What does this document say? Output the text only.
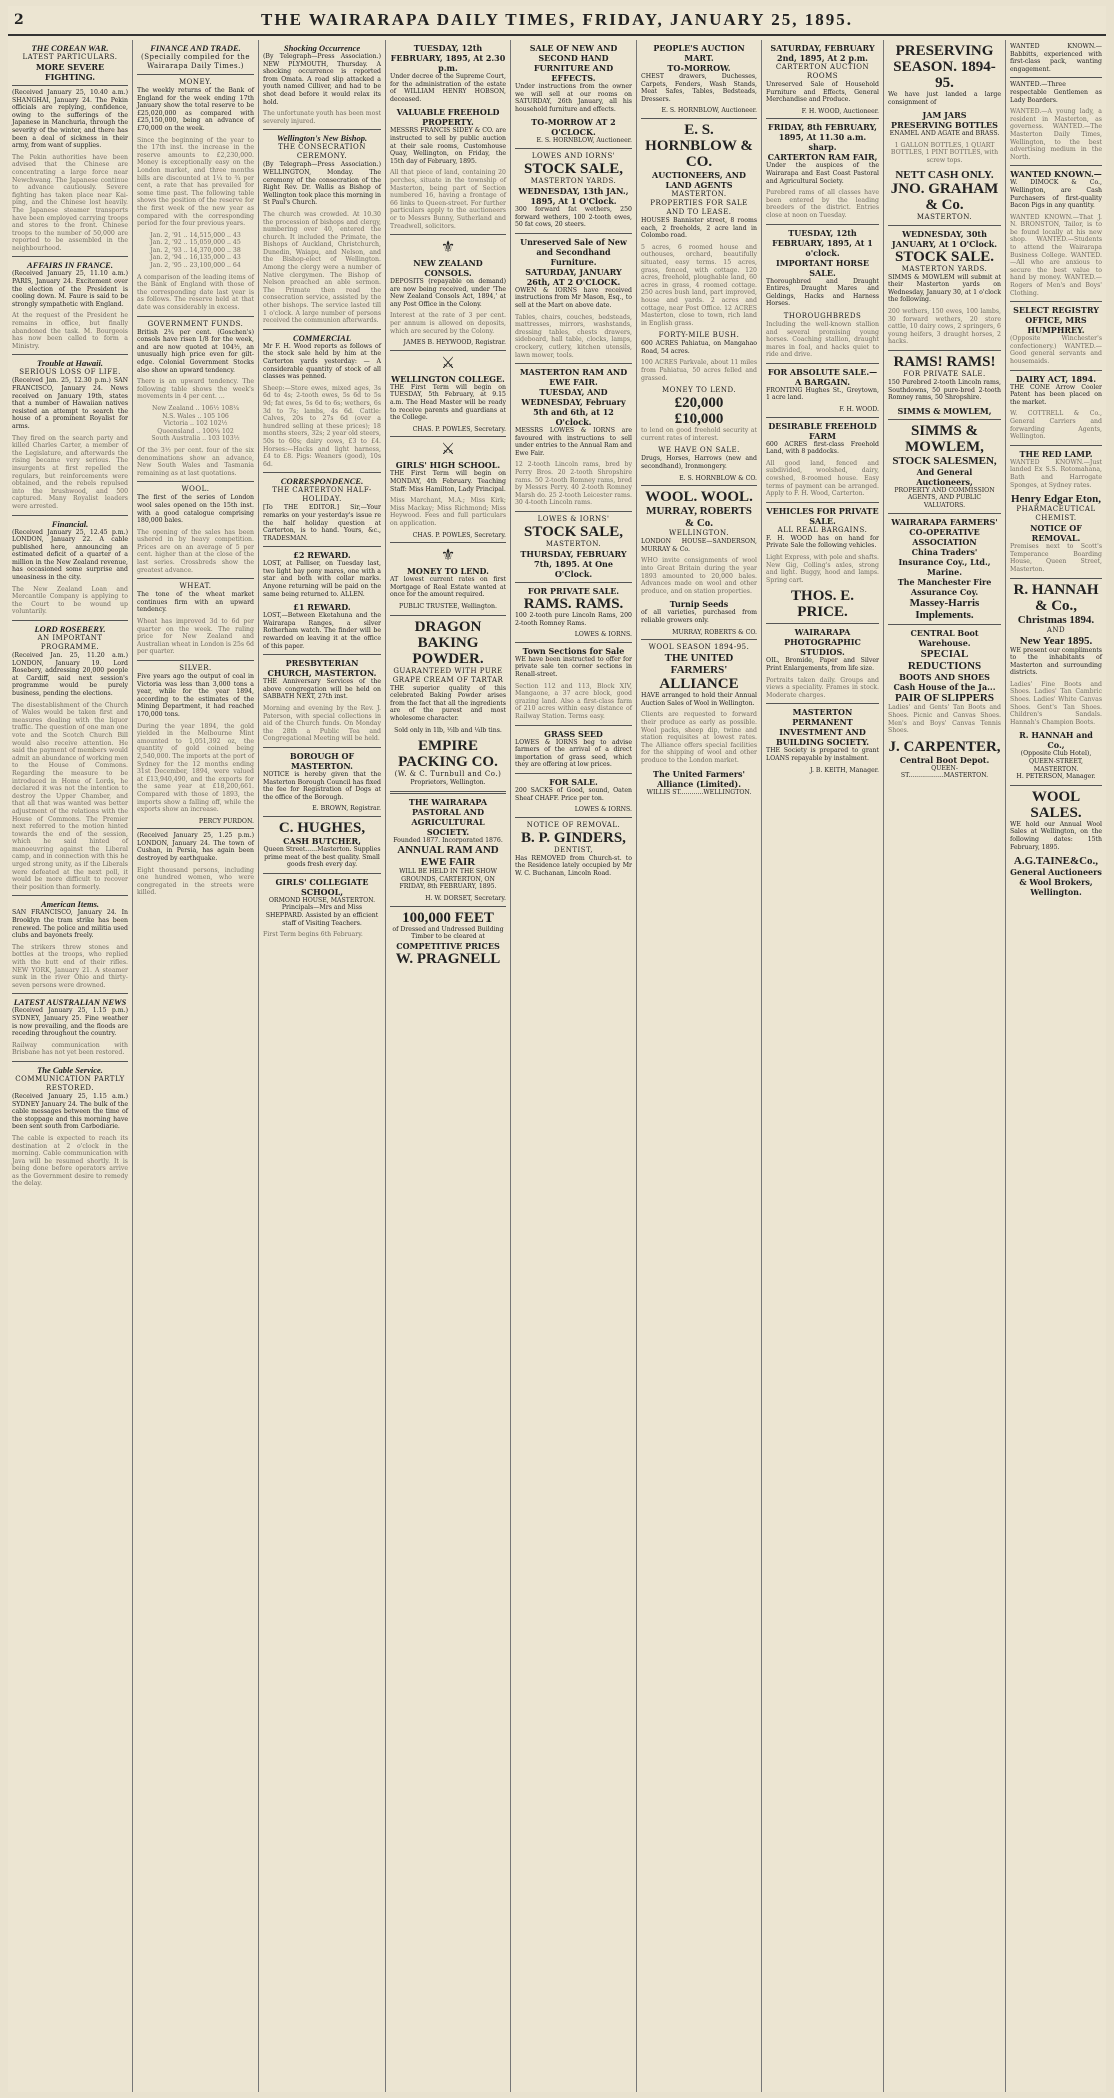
2	THE WAIRARAPA DAILY TIMES, FRIDAY, JANUARY 25, 1895.
THE COREAN WAR.
LATEST PARTICULARS.
MORE SEVERE FIGHTING.
(Received January 25, 10.40 a.m.) SHANGHAI, January 24. The Pekin officials are replying, confidence, owing to the sufferings of the Japanese in Manchuria, through the severity of the winter, and there has been a deal of sickness in their army, from want of supplies.
The Pekin authorities have been advised that the Chinese are concentrating a large force near Newchwang. The Japanese continue to advance cautiously. Severe fighting has taken place near Kai-ping, and the Chinese lost heavily. The Japanese steamer transports have been employed carrying troops and stores to the front. Chinese troops to the number of 50,000 are reported to be assembled in the neighbourhood.
AFFAIRS IN FRANCE.
(Received January 25, 11.10 a.m.) PARIS, January 24. Excitement over the election of the President is cooling down. M. Faure is said to be strongly sympathetic with England.
At the request of the President he remains in office, but finally abandoned the task. M. Bourgeois has now been called to form a Ministry.
Trouble at Hawaii.
SERIOUS LOSS OF LIFE.
(Received Jan. 25, 12.30 p.m.) SAN FRANCISCO, January 24. News received on January 19th, states that a number of Hawaiian natives resisted an attempt to search the house of a prominent Royalist for arms.
They fired on the search party and killed Charles Carter, a member of the Legislature, and afterwards the rising became very serious. The insurgents at first repelled the regulars, but reinforcements were obtained, and the rebels repulsed into the brushwood, and 500 captured. Many Royalist leaders were arrested.
Financial.
(Received January 25, 12.45 p.m.) LONDON, January 22. A cable published here, announcing an estimated deficit of a quarter of a million in the New Zealand revenue, has occasioned some surprise and uneasiness in the city.
The New Zealand Loan and Mercantile Company is applying to the Court to be wound up voluntarily.
LORD ROSEBERY.
AN IMPORTANT PROGRAMME.
(Received Jan. 25, 11.20 a.m.) LONDON, January 19. Lord Rosebery, addressing 20,000 people at Cardiff, said next session's programme would be purely business, pending the elections.
The disestablishment of the Church of Wales would be taken first and measures dealing with the liquor traffic. The question of one man one vote and the Scotch Church Bill would also receive attention. He said the payment of members would admit an abundance of working men to the House of Commons. Regarding the measure to be introduced in Home of Lords, he declared it was not the intention to destroy the Upper Chamber, and that all that was wanted was better adjustment of the relations with the House of Commons. The Premier next referred to the motion hinted towards the end of the session, which he said hinted of manoeuvring against the Liberal camp, and in connection with this he urged strong unity, as if the Liberals were defeated at the next poll, it would be more difficult to recover their position than formerly.
American Items.
SAN FRANCISCO, January 24. In Brooklyn the tram strike has been renewed. The police and militia used clubs and bayonets freely.
The strikers threw stones and bottles at the troops, who replied with the butt end of their rifles. NEW YORK, January 21. A steamer sunk in the river Ohio and thirty-seven persons were drowned.
LATEST AUSTRALIAN NEWS
(Received January 25, 1.15 p.m.) SYDNEY, January 25. Fine weather is now prevailing, and the floods are receding throughout the country.
Railway communication with Brisbane has not yet been restored.
The Cable Service.
COMMUNICATION PARTLY RESTORED.
(Received January 25, 1.15 a.m.) SYDNEY January 24. The bulk of the cable messages between the time of the stoppage and this morning have been sent south from Carbodiarie.
The cable is expected to reach its destination at 2 o'clock in the morning. Cable communication with Java will be resumed shortly. It is being done before operators arrive as the Government desire to remedy the delay.
FINANCE AND TRADE.
(Specially compiled for the Wairarapa Daily Times.)
MONEY.
The weekly returns of the Bank of England for the week ending 17th January show the total reserve to be £25,020,000 as compared with £25,150,000, being an advance of £70,000 on the week.
Since the beginning of the year to the 17th inst. the increase in the reserve amounts to £2,230,000. Money is exceptionally easy on the London market, and three months bills are discounted at 1¼ to ¾ per cent, a rate that has prevailed for some time past. The following table shows the position of the reserve for the first week of the new year as compared with the corresponding period for the four previous years.
Jan. 2, '91 .. 14,515,000 .. 43
Jan. 2, '92 .. 15,059,000 .. 45
Jan. 2, '93 .. 14,370,000 .. 38
Jan. 2, '94 .. 16,135,000 .. 43
Jan. 2, '95 .. 23,100,000 .. 64
A comparison of the leading items of the Bank of England with those of the corresponding date last year is as follows. The reserve held at that date was considerably in excess.
GOVERNMENT FUNDS.
British 2¾ per cent. (Goschen's) consols have risen 1/8 for the week, and are now quoted at 104½, an unusually high price even for gilt-edge. Colonial Government Stocks also show an upward tendency.
There is an upward tendency. The following table shows the week's movements in 4 per cent. ...
New Zealand .. 106½ 108¼
N.S. Wales .. 105 106
Victoria .. 102 102½
Queensland .. 100¼ 102
South Australia .. 103 103½
Of the 3½ per cent. four of the six denominations show an advance, New South Wales and Tasmania remaining as at last quotations.
WOOL.
The first of the series of London wool sales opened on the 15th inst. with a good catalogue comprising 180,000 bales.
The opening of the sales has been ushered in by heavy competition. Prices are on an average of 5 per cent. higher than at the close of the last series. Crossbreds show the greatest advance.
WHEAT.
The tone of the wheat market continues firm with an upward tendency.
Wheat has improved 3d to 6d per quarter on the week. The ruling price for New Zealand and Australian wheat in London is 25s 6d per quarter.
SILVER.
Five years ago the output of coal in Victoria was less than 3,000 tons a year, while for the year 1894, according to the estimates of the Mining Department, it had reached 170,000 tons.
During the year 1894, the gold yielded in the Melbourne Mint amounted to 1,051,392 oz, the quantity of gold coined being 2,540,000. The imports at the port of Sydney for the 12 months ending 31st December, 1894, were valued at £13,940,490, and the exports for the same year at £18,200,661. Compared with those of 1893, the imports show a falling off, while the exports show an increase.
PERCY PURDON.
(Received January 25, 1.25 p.m.) LONDON, January 24. The town of Cushan, in Persia, has again been destroyed by earthquake.
Eight thousand persons, including one hundred women, who were congregated in the streets were killed.
Shocking Occurrence
(By Telegraph—Press Association.) NEW PLYMOUTH, Thursday. A shocking occurrence is reported from Omata. A road slip attacked a youth named Cilliver, and had to be shot dead before it would relax its hold.
The unfortunate youth has been most severely injured.
Wellington's New Bishop.
THE CONSECRATION CEREMONY.
(By Telegraph—Press Association.) WELLINGTON, Monday. The ceremony of the consecration of the Right Rev. Dr. Wallis as Bishop of Wellington took place this morning in St Paul's Church.
The church was crowded. At 10.30 the procession of bishops and clergy, numbering over 40, entered the church. It included the Primate, the Bishops of Auckland, Christchurch, Dunedin, Waiapu, and Nelson, and the Bishop-elect of Wellington. Among the clergy were a number of Native clergymen. The Bishop of Nelson preached an able sermon. The Primate then read the consecration service, assisted by the other bishops. The service lasted till 1 o'clock. A large number of persons received the communion afterwards.
COMMERCIAL
Mr F. H. Wood reports as follows of the stock sale held by him at the Carterton yards yesterday: — A considerable quantity of stock of all classes was penned.
Sheep:—Store ewes, mixed ages, 3s 6d to 4s; 2-tooth ewes, 5s 6d to 5s 9d; fat ewes, 5s 6d to 6s; wethers, 6s 3d to 7s; lambs, 4s 6d. Cattle: Calves, 20s to 27s 6d (over a hundred selling at these prices); 18 months steers, 32s; 2 year old steers, 50s to 60s; dairy cows, £3 to £4. Horses:—Hacks and light harness, £4 to £8. Pigs: Weaners (good), 10s 6d.
CORRESPONDENCE.
THE CARTERTON HALF-HOLIDAY.
[To THE EDITOR.] Sir,—Your remarks on your yesterday's issue re the half holiday question at Carterton, is to hand. Yours, &c., TRADESMAN.
£2 REWARD.
LOST, at Palliser, on Tuesday last, two light bay pony mares, one with a star and both with collar marks. Anyone returning will be paid on the same being returned to. ALLEN.
£1 REWARD.
LOST,—Between Eketahuna and the Wairarapa Ranges, a silver Rotherham watch. The finder will be rewarded on leaving it at the office of this paper.
PRESBYTERIAN CHURCH, MASTERTON.
THE Anniversary Services of the above congregation will be held on SABBATH NEXT, 27th inst.
Morning and evening by the Rev. J. Paterson, with special collections in aid of the Church funds. On Monday the 28th a Public Tea and Congregational Meeting will be held.
BOROUGH OF MASTERTON.
NOTICE is hereby given that the Masterton Borough Council has fixed the fee for Registration of Dogs at the office of the Borough.
E. BROWN, Registrar.
C. HUGHES,
CASH BUTCHER,
Queen Street......Masterton. Supplies prime meat of the best quality. Small goods fresh every day.
GIRLS' COLLEGIATE SCHOOL,
ORMOND HOUSE, MASTERTON. Principals—Mrs and Miss SHEPPARD. Assisted by an efficient staff of Visiting Teachers.
First Term begins 6th February.
TUESDAY, 12th FEBRUARY, 1895, At 2.30 p.m.
Under decree of the Supreme Court, for the administration of the estate of WILLIAM HENRY HOBSON, deceased.
VALUABLE FREEHOLD PROPERTY.
MESSRS FRANCIS SIDEY & CO. are instructed to sell by public auction at their sale rooms, Customhouse Quay, Wellington, on Friday, the 15th day of February, 1895.
All that piece of land, containing 20 perches, situate in the township of Masterton, being part of Section numbered 16, having a frontage of 66 links to Queen-street. For further particulars apply to the auctioneers or to Messrs Bunny, Sutherland and Treadwell, solicitors.
⚜
NEW ZEALAND CONSOLS.
DEPOSITS (repayable on demand) are now being received, under 'The New Zealand Consols Act, 1894,' at any Post Office in the Colony.
Interest at the rate of 3 per cent. per annum is allowed on deposits, which are secured by the Colony.
JAMES B. HEYWOOD, Registrar.
⚔
WELLINGTON COLLEGE.
THE First Term will begin on TUESDAY, 5th February, at 9.15 a.m. The Head Master will be ready to receive parents and guardians at the College.
CHAS. P. POWLES, Secretary.
⚔
GIRLS' HIGH SCHOOL.
THE First Term will begin on MONDAY, 4th February. Teaching Staff: Miss Hamilton, Lady Principal.
Miss Marchant, M.A.; Miss Kirk; Miss Mackay; Miss Richmond; Miss Heywood. Fees and full particulars on application.
CHAS. P. POWLES, Secretary.
⚜
MONEY TO LEND.
AT lowest current rates on first Mortgage of Real Estate wanted at once for the amount required.
PUBLIC TRUSTEE, Wellington.
DRAGON BAKING POWDER.
GUARANTEED WITH PURE GRAPE CREAM OF TARTAR
THE superior quality of this celebrated Baking Powder arises from the fact that all the ingredients are of the purest and most wholesome character.
Sold only in 1lb, ½lb and ¼lb tins.
EMPIRE PACKING CO.
(W. & C. Turnbull and Co.)
Proprietors, Wellington.
THE WAIRARAPA PASTORAL AND AGRICULTURAL SOCIETY.
Founded 1877. Incorporated 1876.
ANNUAL RAM AND EWE FAIR
WILL BE HELD IN THE SHOW GROUNDS, CARTERTON, ON FRIDAY, 8th FEBRUARY, 1895.
H. W. DORSET, Secretary.
100,000 FEET
of Dressed and Undressed Building Timber to be cleared at
COMPETITIVE PRICES
W. PRAGNELL
SALE OF NEW AND SECOND HAND FURNITURE AND EFFECTS.
Under instructions from the owner we will sell at our rooms on SATURDAY, 26th January, all his household furniture and effects.
TO-MORROW AT 2 O'CLOCK.
E. S. HORNBLOW, Auctioneer.
LOWES AND IORNS'
STOCK SALE,
MASTERTON YARDS.
WEDNESDAY, 13th JAN., 1895, At 1 O'Clock.
300 forward fat wethers, 250 forward wethers, 100 2-tooth ewes, 50 fat cows, 20 steers.
Unreserved Sale of New and Secondhand Furniture.
SATURDAY, JANUARY 26th, AT 2 O'CLOCK.
OWEN & IORNS have received instructions from Mr Mason, Esq., to sell at the Mart on above date.
Tables, chairs, couches, bedsteads, mattresses, mirrors, washstands, dressing tables, chests drawers, sideboard, hall table, clocks, lamps, crockery, cutlery, kitchen utensils, lawn mower, tools.
MASTERTON RAM AND EWE FAIR.
TUESDAY, AND WEDNESDAY, February 5th and 6th, at 12 O'clock.
MESSRS LOWES & IORNS are favoured with instructions to sell under entries to the Annual Ram and Ewe Fair.
12 2-tooth Lincoln rams, bred by Perry Bros. 20 2-tooth Shropshire rams. 50 2-tooth Romney rams, bred by Messrs Perry. 40 2-tooth Romney Marsh do. 25 2-tooth Leicester rams. 30 4-tooth Lincoln rams.
LOWES & IORNS'
STOCK SALE,
MASTERTON.
THURSDAY, FEBRUARY 7th, 1895. At One O'Clock.
FOR PRIVATE SALE.
RAMS. RAMS.
100 2-tooth pure Lincoln Rams, 200 2-tooth Romney Rams.
LOWES & IORNS.
Town Sections for Sale
WE have been instructed to offer for private sale ten corner sections in Renall-street.
Section 112 and 113, Block XIV, Mangaone, a 37 acre block, good grazing land. Also a first-class farm of 210 acres within easy distance of Railway Station. Terms easy.
GRASS SEED
LOWES & IORNS beg to advise farmers of the arrival of a direct importation of grass seed, which they are offering at low prices.
FOR SALE.
200 SACKS of Good, sound, Oaten Sheaf CHAFF. Price per ton.
LOWES & IORNS.
NOTICE OF REMOVAL.
B. P. GINDERS,
DENTIST,
Has REMOVED from Church-st. to the Residence lately occupied by Mr W. C. Buchanan, Lincoln Road.
PEOPLE'S AUCTION MART.
TO-MORROW.
CHEST drawers, Duchesses, Carpets, Fenders, Wash Stands, Meat Safes, Tables, Bedsteads, Dressers.
E. S. HORNBLOW, Auctioneer.
E. S. HORNBLOW & CO.
AUCTIONEERS, AND LAND AGENTS
MASTERTON.
PROPERTIES FOR SALE AND TO LEASE.
HOUSES Bannister street, 8 rooms each, 2 freeholds, 2 acre land in Colombo road.
5 acres, 6 roomed house and outhouses, orchard, beautifully situated, easy terms. 15 acres, grass, fenced, with cottage. 120 acres, freehold, ploughable land, 60 acres in grass, 4 roomed cottage. 250 acres bush land, part improved, house and yards. 2 acres and cottage, near Post Office. 12 ACRES Masterton, close to town, rich land in English grass.
FORTY-MILE BUSH.
600 ACRES Pahiatua, on Mangahao Road, 54 acres.
100 ACRES Parkvale, about 11 miles from Pahiatua, 50 acres felled and grassed.
MONEY TO LEND.
£20,000
£10,000
to lend on good freehold security at current rates of interest.
WE HAVE ON SALE.
Drugs, Horses, Harrows (new and secondhand), Ironmongery.
E. S. HORNBLOW & CO.
WOOL. WOOL.
MURRAY, ROBERTS & Co.
WELLINGTON.
LONDON HOUSE—SANDERSON, MURRAY & Co.
WHO invite consignments of wool into Great Britain during the year 1893 amounted to 20,000 bales. Advances made on wool and other produce, and on station properties.
Turnip Seeds
of all varieties, purchased from reliable growers only.
MURRAY, ROBERTS & CO.
WOOL SEASON 1894-95.
THE UNITED FARMERS'
ALLIANCE
HAVE arranged to hold their Annual Auction Sales of Wool in Wellington.
Clients are requested to forward their produce as early as possible. Wool packs, sheep dip, twine and station requisites at lowest rates. The Alliance offers special facilities for the shipping of wool and other produce to the London market.
The United Farmers' Alliance (Limited).
WILLIS ST............WELLINGTON.
SATURDAY, FEBRUARY 2nd, 1895, At 2 p.m.
CARTERTON AUCTION ROOMS
Unreserved Sale of Household Furniture and Effects, General Merchandise and Produce.
F. H. WOOD, Auctioneer.
FRIDAY, 8th FEBRUARY, 1895, At 11.30 a.m. sharp.
CARTERTON RAM FAIR,
Under the auspices of the Wairarapa and East Coast Pastoral and Agricultural Society.
Purebred rams of all classes have been entered by the leading breeders of the district. Entries close at noon on Tuesday.
TUESDAY, 12th FEBRUARY, 1895, At 1 o'clock.
IMPORTANT HORSE SALE.
Thoroughbred and Draught Entires, Draught Mares and Geldings, Hacks and Harness Horses.
THOROUGHBREDS
Including the well-known stallion and several promising young horses. Coaching stallion, draught mares in foal, and hacks quiet to ride and drive.
FOR ABSOLUTE SALE.—A BARGAIN.
FRONTING Hughes St., Greytown, 1 acre land.
F. H. WOOD.
DESIRABLE FREEHOLD FARM
600 ACRES first-class Freehold Land, with 8 paddocks.
All good land, fenced and subdivided, woolshed, dairy, cowshed, 8-roomed house. Easy terms of payment can be arranged. Apply to F. H. Wood, Carterton.
VEHICLES FOR PRIVATE SALE.
ALL REAL BARGAINS.
F. H. WOOD has on hand for Private Sale the following vehicles.
Light Express, with pole and shafts. New Gig, Colling's axles, strong and light. Buggy, hood and lamps. Spring cart.
THOS. E. PRICE.
WAIRARAPA PHOTOGRAPHIC STUDIOS.
OIL, Bromide, Paper and Silver Print Enlargements, from life size.
Portraits taken daily. Groups and views a speciality. Frames in stock. Moderate charges.
MASTERTON PERMANENT INVESTMENT AND BUILDING SOCIETY.
THE Society is prepared to grant LOANS repayable by instalment.
J. B. KEITH, Manager.
PRESERVING SEASON. 1894-95.
We have just landed a large consignment of
JAM JARS
PRESERVING BOTTLES
ENAMEL AND AGATE and BRASS.
1 GALLON BOTTLES, 1 QUART BOTTLES, 1 PINT BOTTLES, with screw tops.
NETT CASH ONLY.
JNO. GRAHAM & Co.
MASTERTON.
WEDNESDAY, 30th JANUARY, At 1 O'Clock.
STOCK SALE.
MASTERTON YARDS.
SIMMS & MOWLEM will submit at their Masterton yards on Wednesday, January 30, at 1 o'clock the following.
200 wethers, 150 ewes, 100 lambs, 30 forward wethers, 20 store cattle, 10 dairy cows, 2 springers, 6 young heifers, 3 draught horses, 2 hacks.
RAMS! RAMS!
FOR PRIVATE SALE.
150 Purebred 2-tooth Lincoln rams, Southdowns, 50 pure-bred 2-tooth Romney rams, 50 Shropshire.
SIMMS & MOWLEM,
SIMMS & MOWLEM,
STOCK SALESMEN,
And General Auctioneers,
PROPERTY AND COMMISSION AGENTS, AND PUBLIC VALUATORS.
WAIRARAPA FARMERS' CO-OPERATIVE ASSOCIATION
China Traders' Insurance Coy., Ltd., Marine.
The Manchester Fire Assurance Coy.
Massey-Harris Implements.
CENTRAL Boot Warehouse.
SPECIAL REDUCTIONS
BOOTS AND SHOES
Cash House of the Ja...
PAIR OF SLIPPERS
Ladies' and Gents' Tan Boots and Shoes. Picnic and Canvas Shoes. Men's and Boys' Canvas Tennis Shoes.
J. CARPENTER,
Central Boot Depot.
QUEEN-ST..................MASTERTON.
WANTED KNOWN.—Babbitts, experienced with first-class pack, wanting engagement.
WANTED.—Three respectable Gentlemen as Lady Boarders.
WANTED.—A young lady, a resident in Masterton, as governess. WANTED.—The Masterton Daily Times, Wellington, to the best advertising medium in the North.
WANTED KNOWN.—
W. DIMOCK & Co., Wellington, are Cash Purchasers of first-quality Bacon Pigs in any quantity.
WANTED KNOWN.—That J. N. BRONSTON, Tailor, is to be found locally at his new shop. WANTED.—Students to attend the Wairarapa Business College. WANTED.—All who are anxious to secure the best value to hand by money. WANTED.—Rogers of Men's and Boys' Clothing.
SELECT REGISTRY OFFICE, MRS HUMPHREY.
(Opposite Winchester's confectionery.) WANTED.—Good general servants and housemaids.
DAIRY ACT, 1894.
THE CONE Arrow Cooler Patent has been placed on the market.
W. COTTRELL & Co., General Carriers and forwarding Agents, Wellington.
THE RED LAMP.
WANTED KNOWN.—Just landed Ex S.S. Rotomahana, Bath and Harrogate Sponges, at Sydney rates.
Henry Edgar Eton,
PHARMACEUTICAL CHEMIST.
NOTICE OF REMOVAL.
Premises next to Scott's Temperance Boarding House, Queen Street, Masterton.
R. HANNAH & Co.,
Christmas 1894.
AND
New Year 1895.
WE present our compliments to the inhabitants of Masterton and surrounding districts.
Ladies' Fine Boots and Shoes. Ladies' Tan Cambric Shoes. Ladies' White Canvas Shoes. Gent's Tan Shoes. Children's Sandals. Hannah's Champion Boots.
R. HANNAH and Co.,
(Opposite Club Hotel), QUEEN-STREET, MASTERTON.
H. PETERSON, Manager.
WOOL SALES.
WE hold our Annual Wool Sales at Wellington, on the following dates: 15th February, 1895.
A.G.TAINE&Co.,
General Auctioneers & Wool Brokers, Wellington.
